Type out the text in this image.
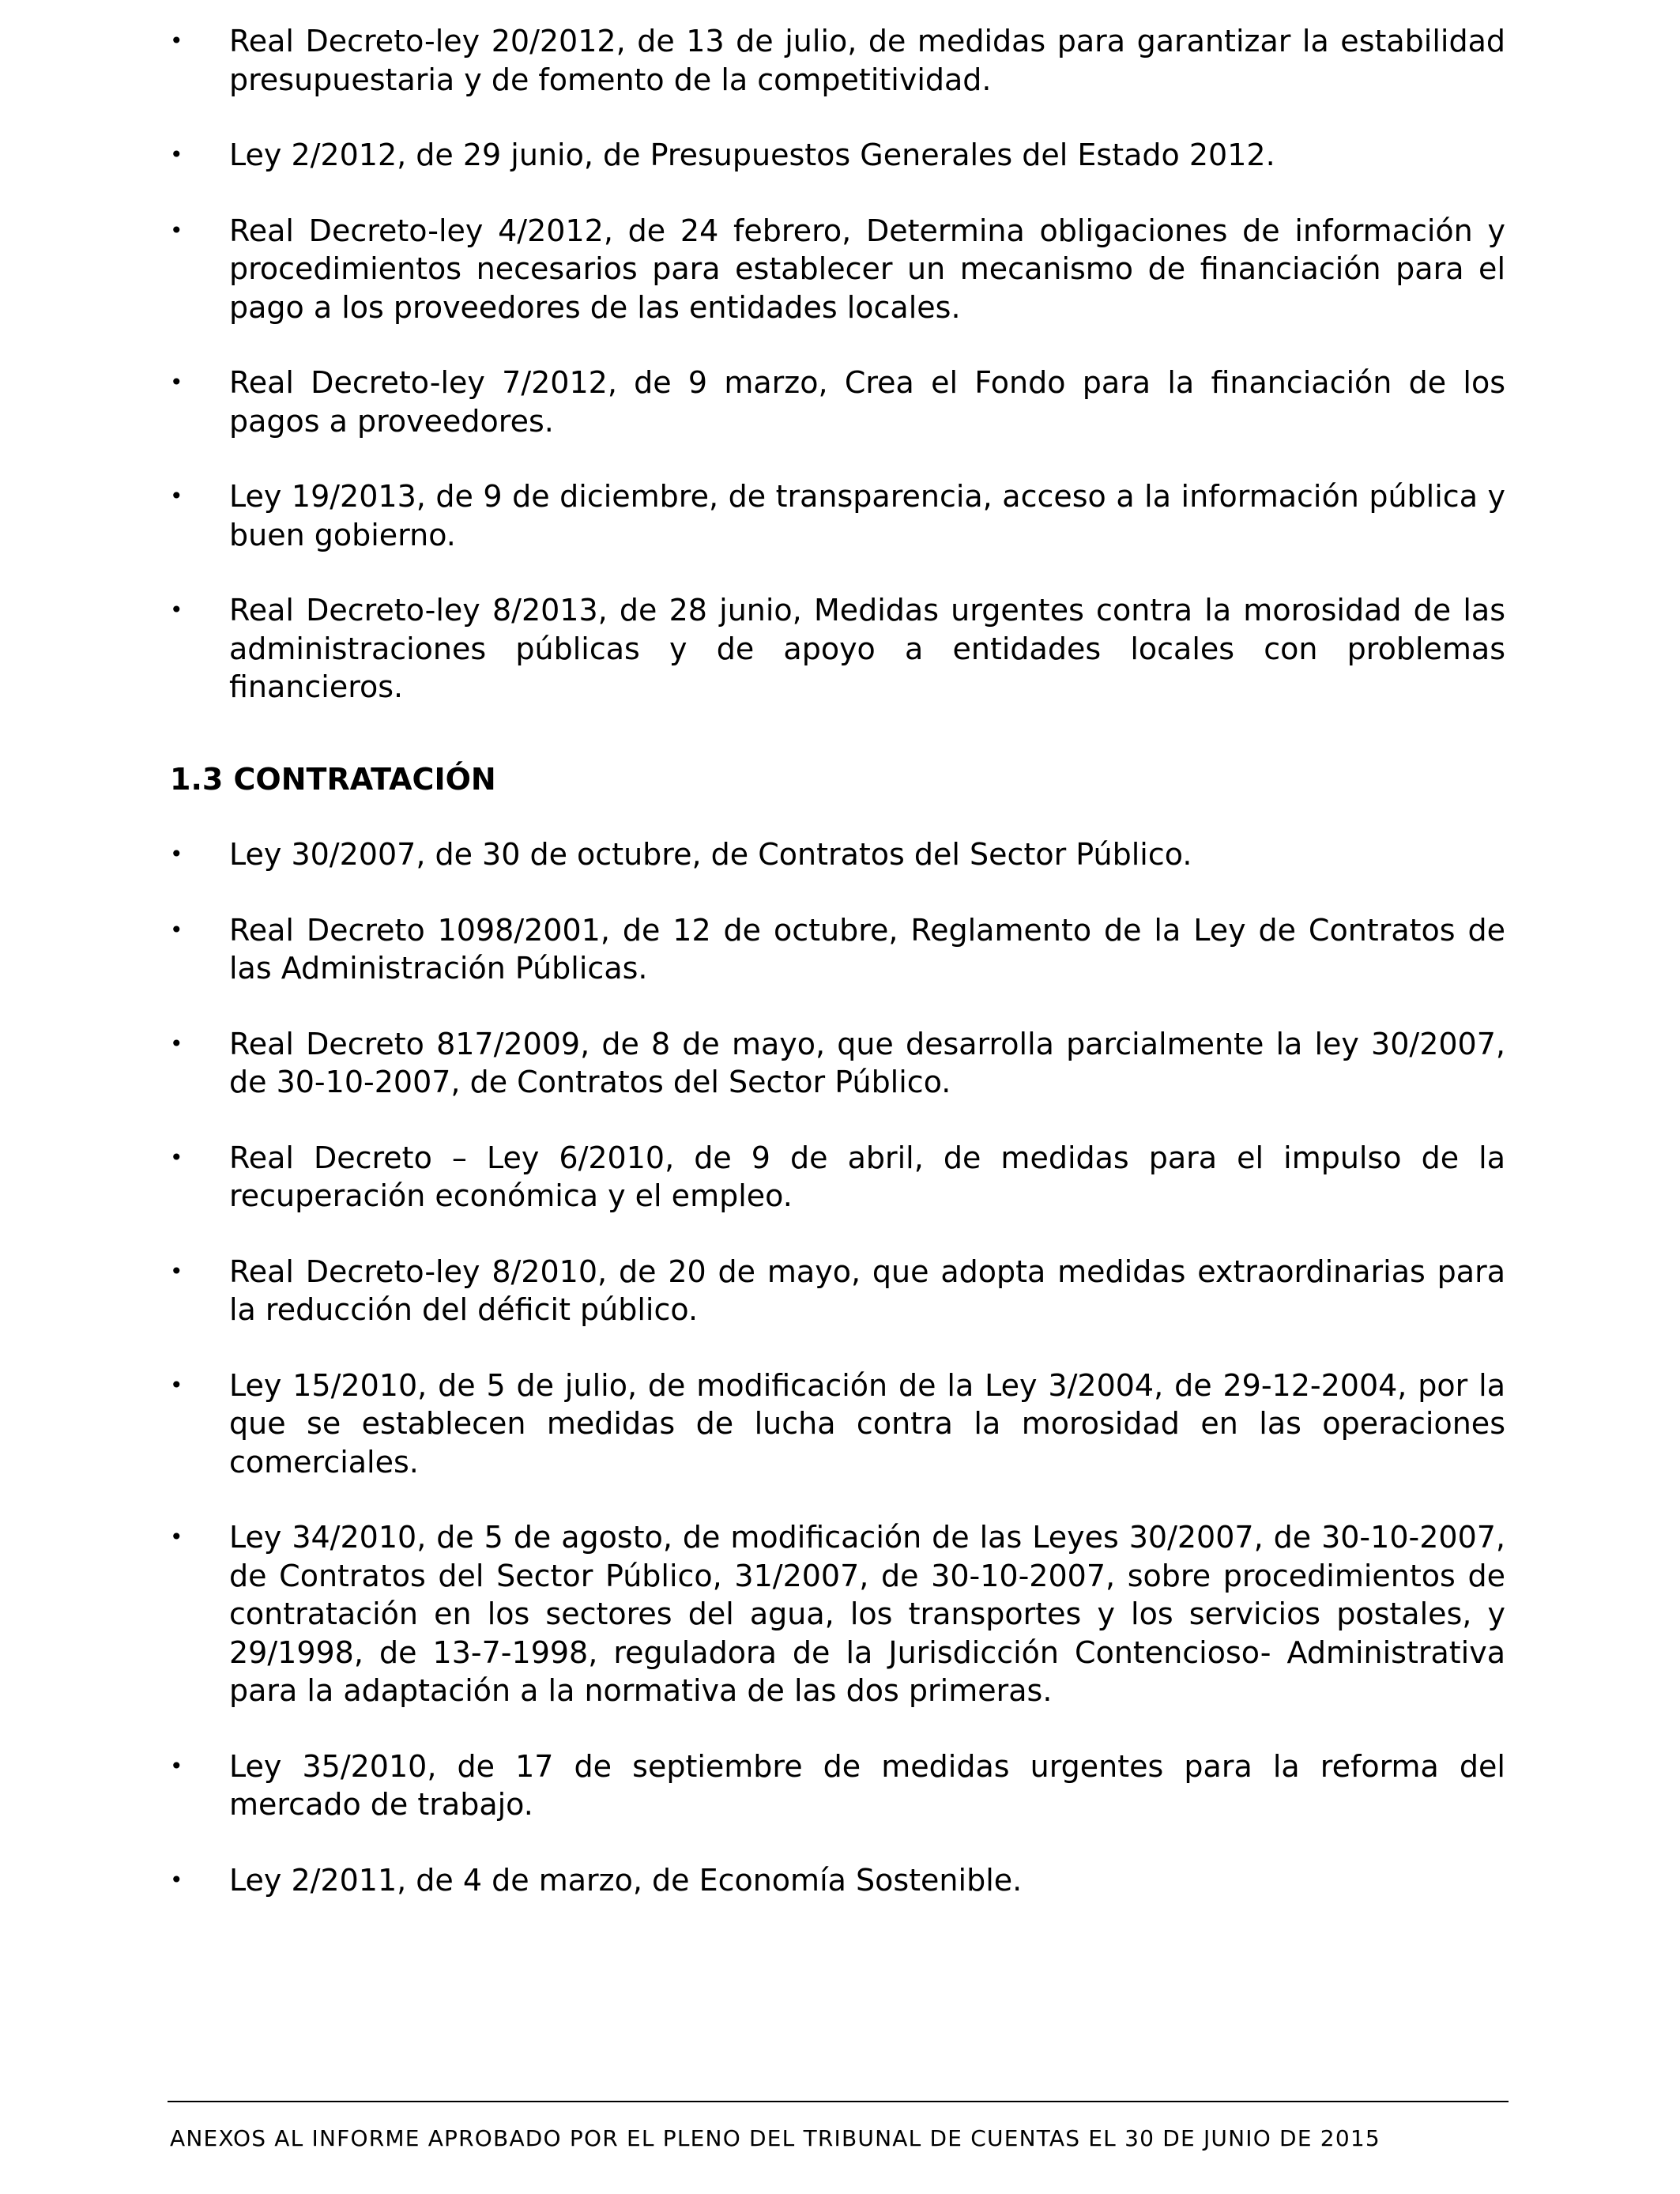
•	Real Decreto-ley 20/2012, de 13 de julio, de medidas para garantizar la estabilidad presupuestaria y de fomento de la competitividad.
•	Ley 2/2012, de 29 junio, de Presupuestos Generales del Estado 2012.
•	Real Decreto-ley 4/2012, de 24 febrero, Determina obligaciones de información y procedimientos necesarios para establecer un mecanismo de financiación para el pago a los proveedores de las entidades locales.
•	Real Decreto-ley 7/2012, de 9 marzo, Crea el Fondo para la financiación de los pagos a proveedores.
•	Ley 19/2013, de 9 de diciembre, de transparencia, acceso a la información pública y buen gobierno.
•	Real Decreto-ley 8/2013, de 28 junio, Medidas urgentes contra la morosidad de las administraciones públicas y de apoyo a entidades locales con problemas financieros.
1.3 CONTRATACIÓN
•	Ley 30/2007, de 30 de octubre, de Contratos del Sector Público.
•	Real Decreto 1098/2001, de 12 de octubre, Reglamento de la Ley de Contratos de las Administración Públicas.
•	Real Decreto 817/2009, de 8 de mayo, que desarrolla parcialmente la ley 30/2007, de 30-10-2007, de Contratos del Sector Público.
•	Real Decreto – Ley 6/2010, de 9 de abril, de medidas para el impulso de la recuperación económica y el empleo.
•	Real Decreto-ley 8/2010, de 20 de mayo, que adopta medidas extraordinarias para la reducción del déficit público.
•	Ley 15/2010, de 5 de julio, de modificación de la Ley 3/2004, de 29-12-2004, por la que se establecen medidas de lucha contra la morosidad en las operaciones comerciales.
•	Ley 34/2010, de 5 de agosto, de modificación de las Leyes 30/2007, de 30-10-2007, de Contratos del Sector Público, 31/2007, de 30-10-2007, sobre procedimientos de contratación en los sectores del agua, los transportes y los servicios postales, y 29/1998, de 13-7-1998, reguladora de la Jurisdicción Contencioso- Administrativa para la adaptación a la normativa de las dos primeras.
•	Ley 35/2010, de 17 de septiembre de medidas urgentes para la reforma del mercado de trabajo.
•	Ley 2/2011, de 4 de marzo, de Economía Sostenible.
ANEXOS AL INFORME APROBADO POR EL PLENO DEL TRIBUNAL DE CUENTAS EL 30 DE JUNIO DE 2015
